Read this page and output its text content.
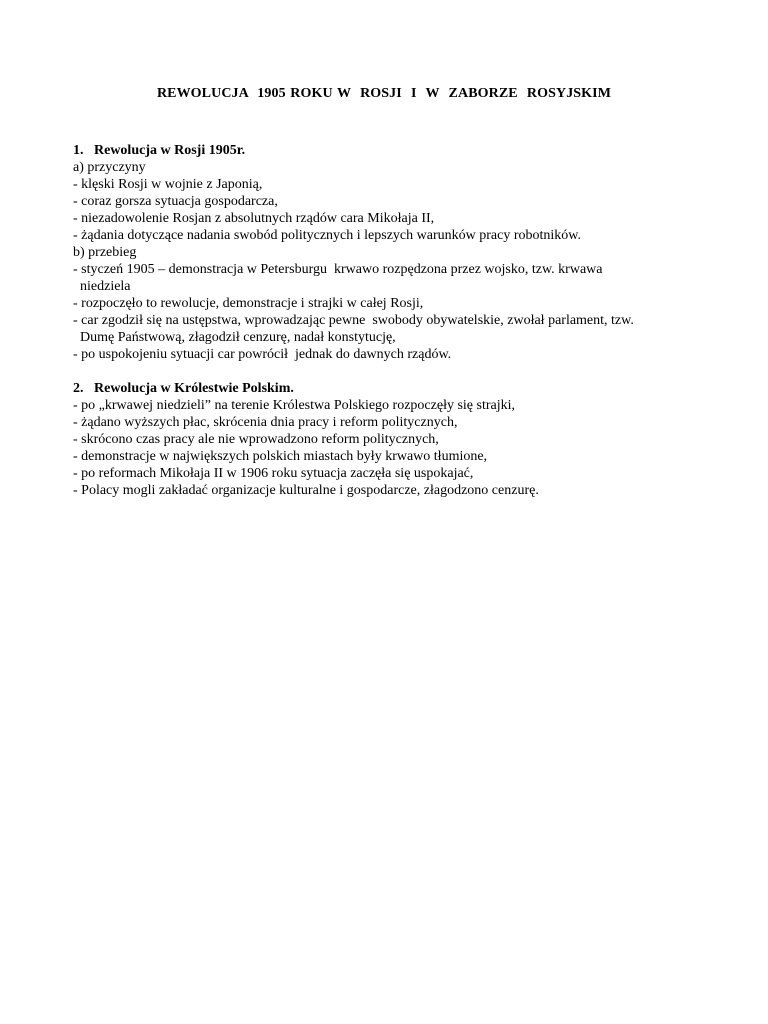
REWOLUCJA  1905 ROKU W  ROSJI  I  W  ZABORZE  ROSYJSKIM
1.   Rewolucja w Rosji 1905r.
a) przyczyny
- klęski Rosji w wojnie z Japonią,
- coraz gorsza sytuacja gospodarcza,
- niezadowolenie Rosjan z absolutnych rządów cara Mikołaja II,
- żądania dotyczące nadania swobód politycznych i lepszych warunków pracy robotników.
b) przebieg
- styczeń 1905 – demonstracja w Petersburgu  krwawo rozpędzona przez wojsko, tzw. krwawa
niedziela
- rozpoczęło to rewolucje, demonstracje i strajki w całej Rosji,
- car zgodził się na ustępstwa, wprowadzając pewne  swobody obywatelskie, zwołał parlament, tzw.
Dumę Państwową, złagodził cenzurę, nadał konstytucję,
- po uspokojeniu sytuacji car powrócił  jednak do dawnych rządów.
2.   Rewolucja w Królestwie Polskim.
- po „krwawej niedzieli” na terenie Królestwa Polskiego rozpoczęły się strajki,
- żądano wyższych płac, skrócenia dnia pracy i reform politycznych,
- skrócono czas pracy ale nie wprowadzono reform politycznych,
- demonstracje w największych polskich miastach były krwawo tłumione,
- po reformach Mikołaja II w 1906 roku sytuacja zaczęła się uspokajać,
- Polacy mogli zakładać organizacje kulturalne i gospodarcze, złagodzono cenzurę.
